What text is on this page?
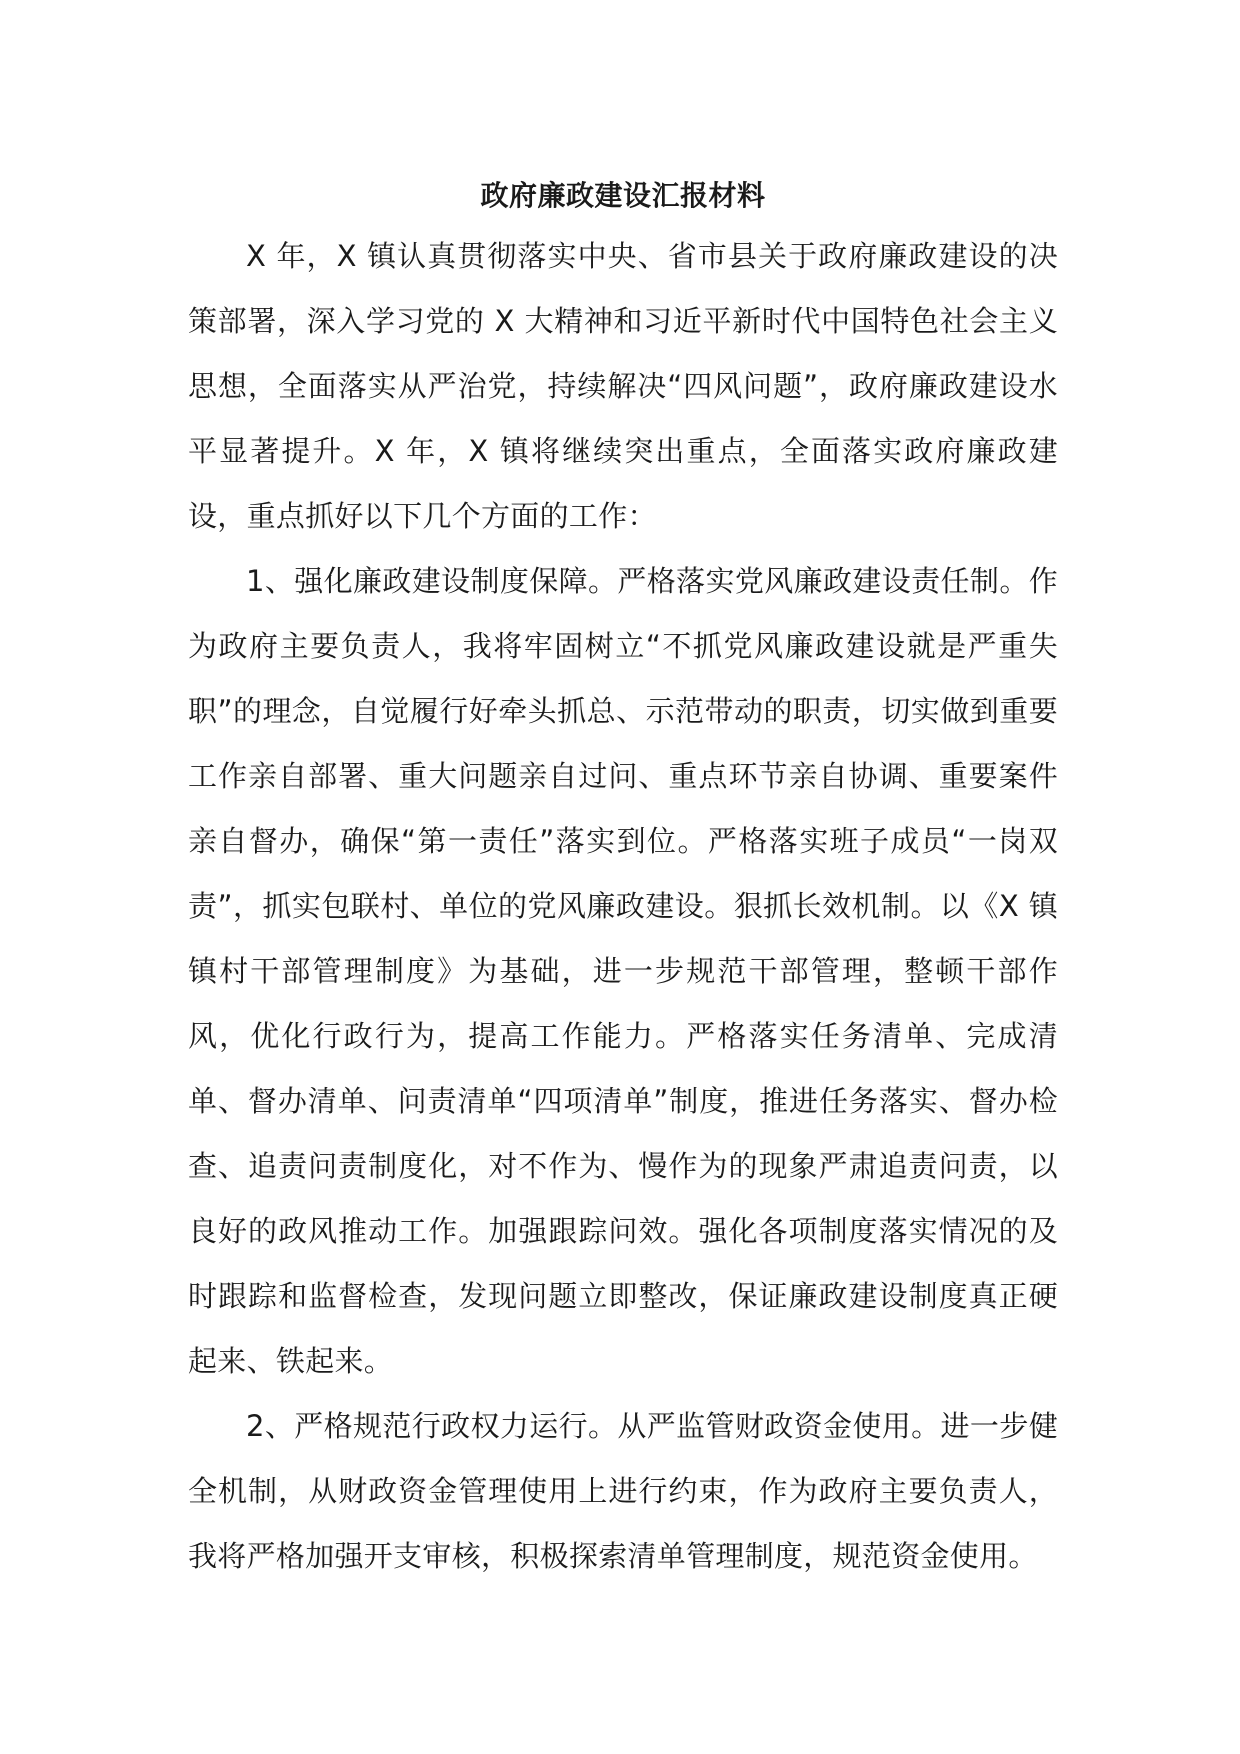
政府廉政建设汇报材料

X 年，X 镇认真贯彻落实中央、省市县关于政府廉政建设的决策部署，深入学习党的 X 大精神和习近平新时代中国特色社会主义思想，全面落实从严治党，持续解决“四风问题”，政府廉政建设水平显著提升。X 年，X 镇将继续突出重点，全面落实政府廉政建设，重点抓好以下几个方面的工作：

1、强化廉政建设制度保障。严格落实党风廉政建设责任制。作为政府主要负责人，我将牢固树立“不抓党风廉政建设就是严重失职”的理念，自觉履行好牵头抓总、示范带动的职责，切实做到重要工作亲自部署、重大问题亲自过问、重点环节亲自协调、重要案件亲自督办，确保“第一责任”落实到位。严格落实班子成员“一岗双责”，抓实包联村、单位的党风廉政建设。狠抓长效机制。以《X 镇镇村干部管理制度》为基础，进一步规范干部管理，整顿干部作风，优化行政行为，提高工作能力。严格落实任务清单、完成清单、督办清单、问责清单“四项清单”制度，推进任务落实、督办检查、追责问责制度化，对不作为、慢作为的现象严肃追责问责，以良好的政风推动工作。加强跟踪问效。强化各项制度落实情况的及时跟踪和监督检查，发现问题立即整改，保证廉政建设制度真正硬起来、铁起来。

2、严格规范行政权力运行。从严监管财政资金使用。进一步健全机制，从财政资金管理使用上进行约束，作为政府主要负责人，我将严格加强开支审核，积极探索清单管理制度，规范资金使用。
